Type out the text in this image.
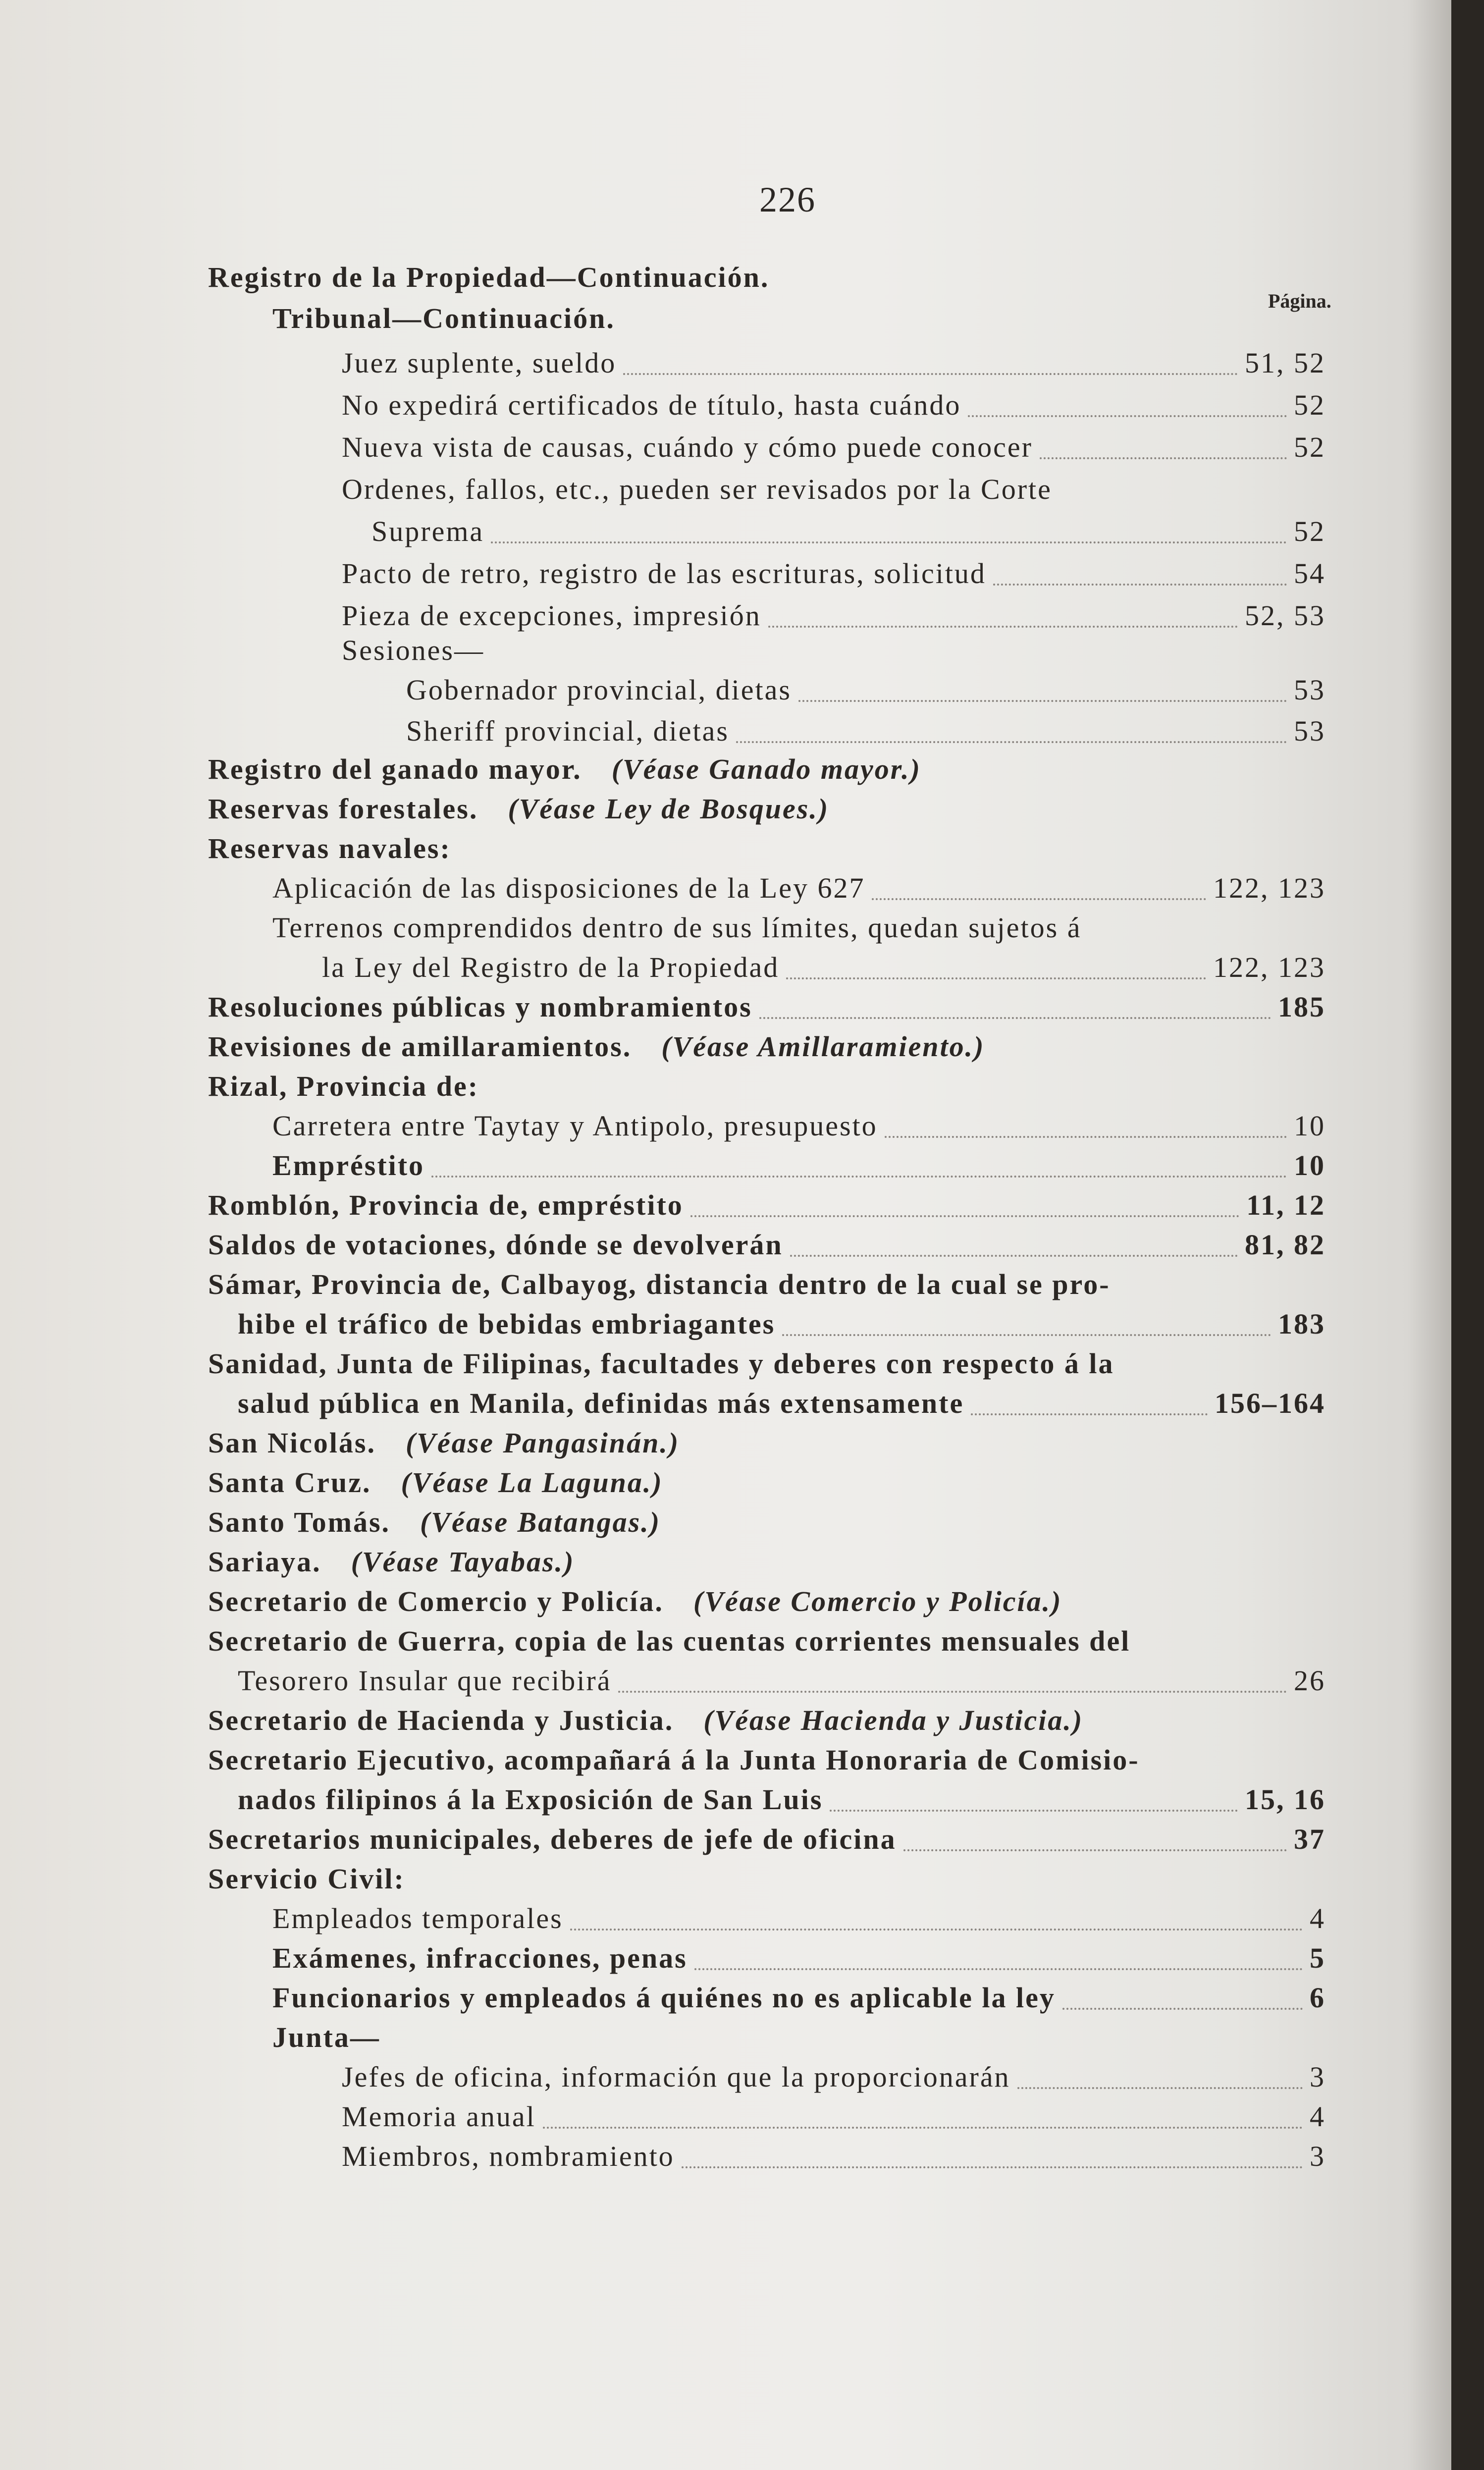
226
Página.
Registro de la Propiedad—Continuación.
Tribunal—Continuación.
Juez suplente, sueldo	51, 52
No expedirá certificados de título, hasta cuándo	52
Nueva vista de causas, cuándo y cómo puede conocer	52
Ordenes, fallos, etc., pueden ser revisados por la Corte
Suprema	52
Pacto de retro, registro de las escrituras, solicitud	54
Pieza de excepciones, impresión	52, 53
Sesiones—
Gobernador provincial, dietas	53
Sheriff provincial, dietas	53
Registro del ganado mayor. (Véase Ganado mayor.)
Reservas forestales. (Véase Ley de Bosques.)
Reservas navales:
Aplicación de las disposiciones de la Ley 627	122, 123
Terrenos comprendidos dentro de sus límites, quedan sujetos á
la Ley del Registro de la Propiedad	122, 123
Resoluciones públicas y nombramientos	185
Revisiones de amillaramientos. (Véase Amillaramiento.)
Rizal, Provincia de:
Carretera entre Taytay y Antipolo, presupuesto	10
Empréstito	10
Romblón, Provincia de, empréstito	11, 12
Saldos de votaciones, dónde se devolverán	81, 82
Sámar, Provincia de, Calbayog, distancia dentro de la cual se pro-
hibe el tráfico de bebidas embriagantes	183
Sanidad, Junta de Filipinas, facultades y deberes con respecto á la
salud pública en Manila, definidas más extensamente	156–164
San Nicolás. (Véase Pangasinán.)
Santa Cruz. (Véase La Laguna.)
Santo Tomás. (Véase Batangas.)
Sariaya. (Véase Tayabas.)
Secretario de Comercio y Policía. (Véase Comercio y Policía.)
Secretario de Guerra, copia de las cuentas corrientes mensuales del
Tesorero Insular que recibirá	26
Secretario de Hacienda y Justicia. (Véase Hacienda y Justicia.)
Secretario Ejecutivo, acompañará á la Junta Honoraria de Comisio-
nados filipinos á la Exposición de San Luis	15, 16
Secretarios municipales, deberes de jefe de oficina	37
Servicio Civil:
Empleados temporales	4
Exámenes, infracciones, penas	5
Funcionarios y empleados á quiénes no es aplicable la ley	6
Junta—
Jefes de oficina, información que la proporcionarán	3
Memoria anual	4
Miembros, nombramiento	3
